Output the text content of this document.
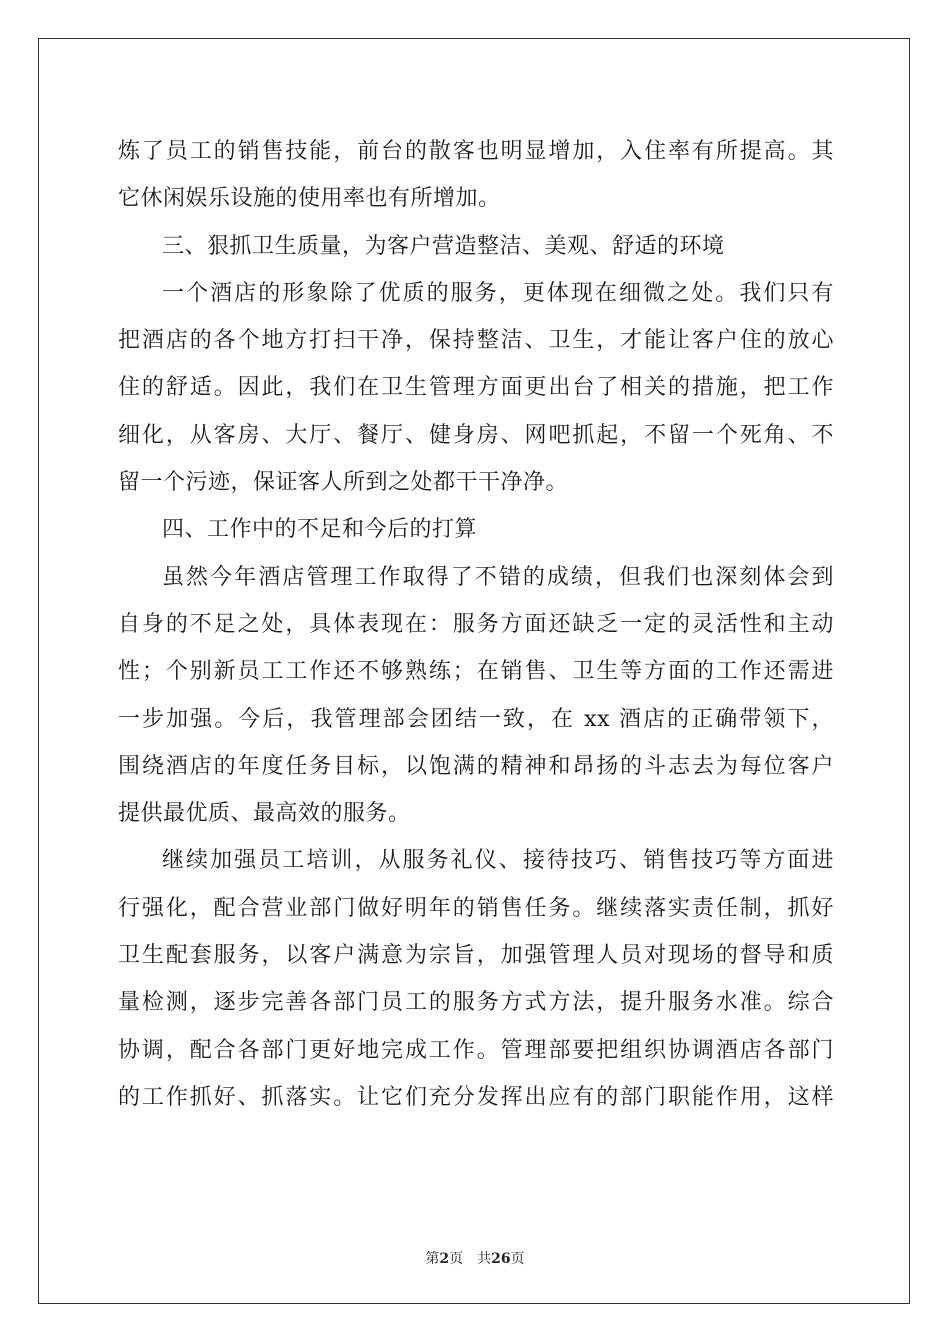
炼了员工的销售技能，前台的散客也明显增加，入住率有所提高。其
它休闲娱乐设施的使用率也有所增加。
三、狠抓卫生质量，为客户营造整洁、美观、舒适的环境
一个酒店的形象除了优质的服务，更体现在细微之处。我们只有
把酒店的各个地方打扫干净，保持整洁、卫生，才能让客户住的放心
住的舒适。因此，我们在卫生管理方面更出台了相关的措施，把工作
细化，从客房、大厅、餐厅、健身房、网吧抓起，不留一个死角、不
留一个污迹，保证客人所到之处都干干净净。
四、工作中的不足和今后的打算
虽然今年酒店管理工作取得了不错的成绩，但我们也深刻体会到
自身的不足之处，具体表现在：服务方面还缺乏一定的灵活性和主动
性；个别新员工工作还不够熟练；在销售、卫生等方面的工作还需进
一步加强。今后，我管理部会团结一致，在 xx 酒店的正确带领下，
围绕酒店的年度任务目标，以饱满的精神和昂扬的斗志去为每位客户
提供最优质、最高效的服务。
继续加强员工培训，从服务礼仪、接待技巧、销售技巧等方面进
行强化，配合营业部门做好明年的销售任务。继续落实责任制，抓好
卫生配套服务，以客户满意为宗旨，加强管理人员对现场的督导和质
量检测，逐步完善各部门员工的服务方式方法，提升服务水准。综合
协调，配合各部门更好地完成工作。管理部要把组织协调酒店各部门
的工作抓好、抓落实。让它们充分发挥出应有的部门职能作用，这样
第2页 共26页
